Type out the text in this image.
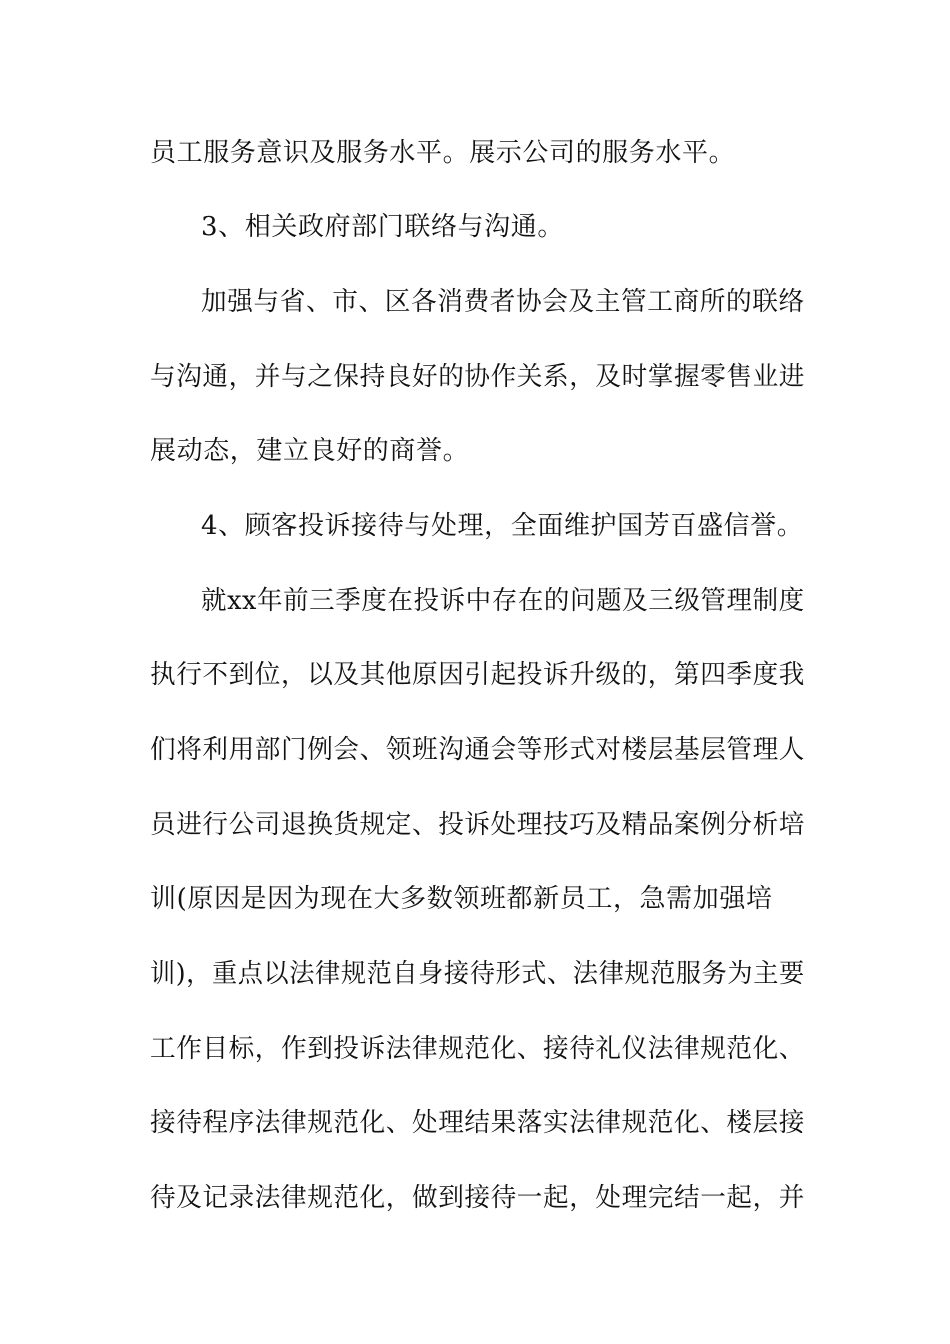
员工服务意识及服务水平。展示公司的服务水平。

3、相关政府部门联络与沟通。

加强与省、市、区各消费者协会及主管工商所的联络

与沟通，并与之保持良好的协作关系，及时掌握零售业进

展动态，建立良好的商誉。

4、顾客投诉接待与处理，全面维护国芳百盛信誉。

就xx年前三季度在投诉中存在的问题及三级管理制度

执行不到位，以及其他原因引起投诉升级的，第四季度我

们将利用部门例会、领班沟通会等形式对楼层基层管理人

员进行公司退换货规定、投诉处理技巧及精品案例分析培

训(原因是因为现在大多数领班都新员工，急需加强培

训)，重点以法律规范自身接待形式、法律规范服务为主要

工作目标，作到投诉法律规范化、接待礼仪法律规范化、

接待程序法律规范化、处理结果落实法律规范化、楼层接

待及记录法律规范化，做到接待一起，处理完结一起，并
